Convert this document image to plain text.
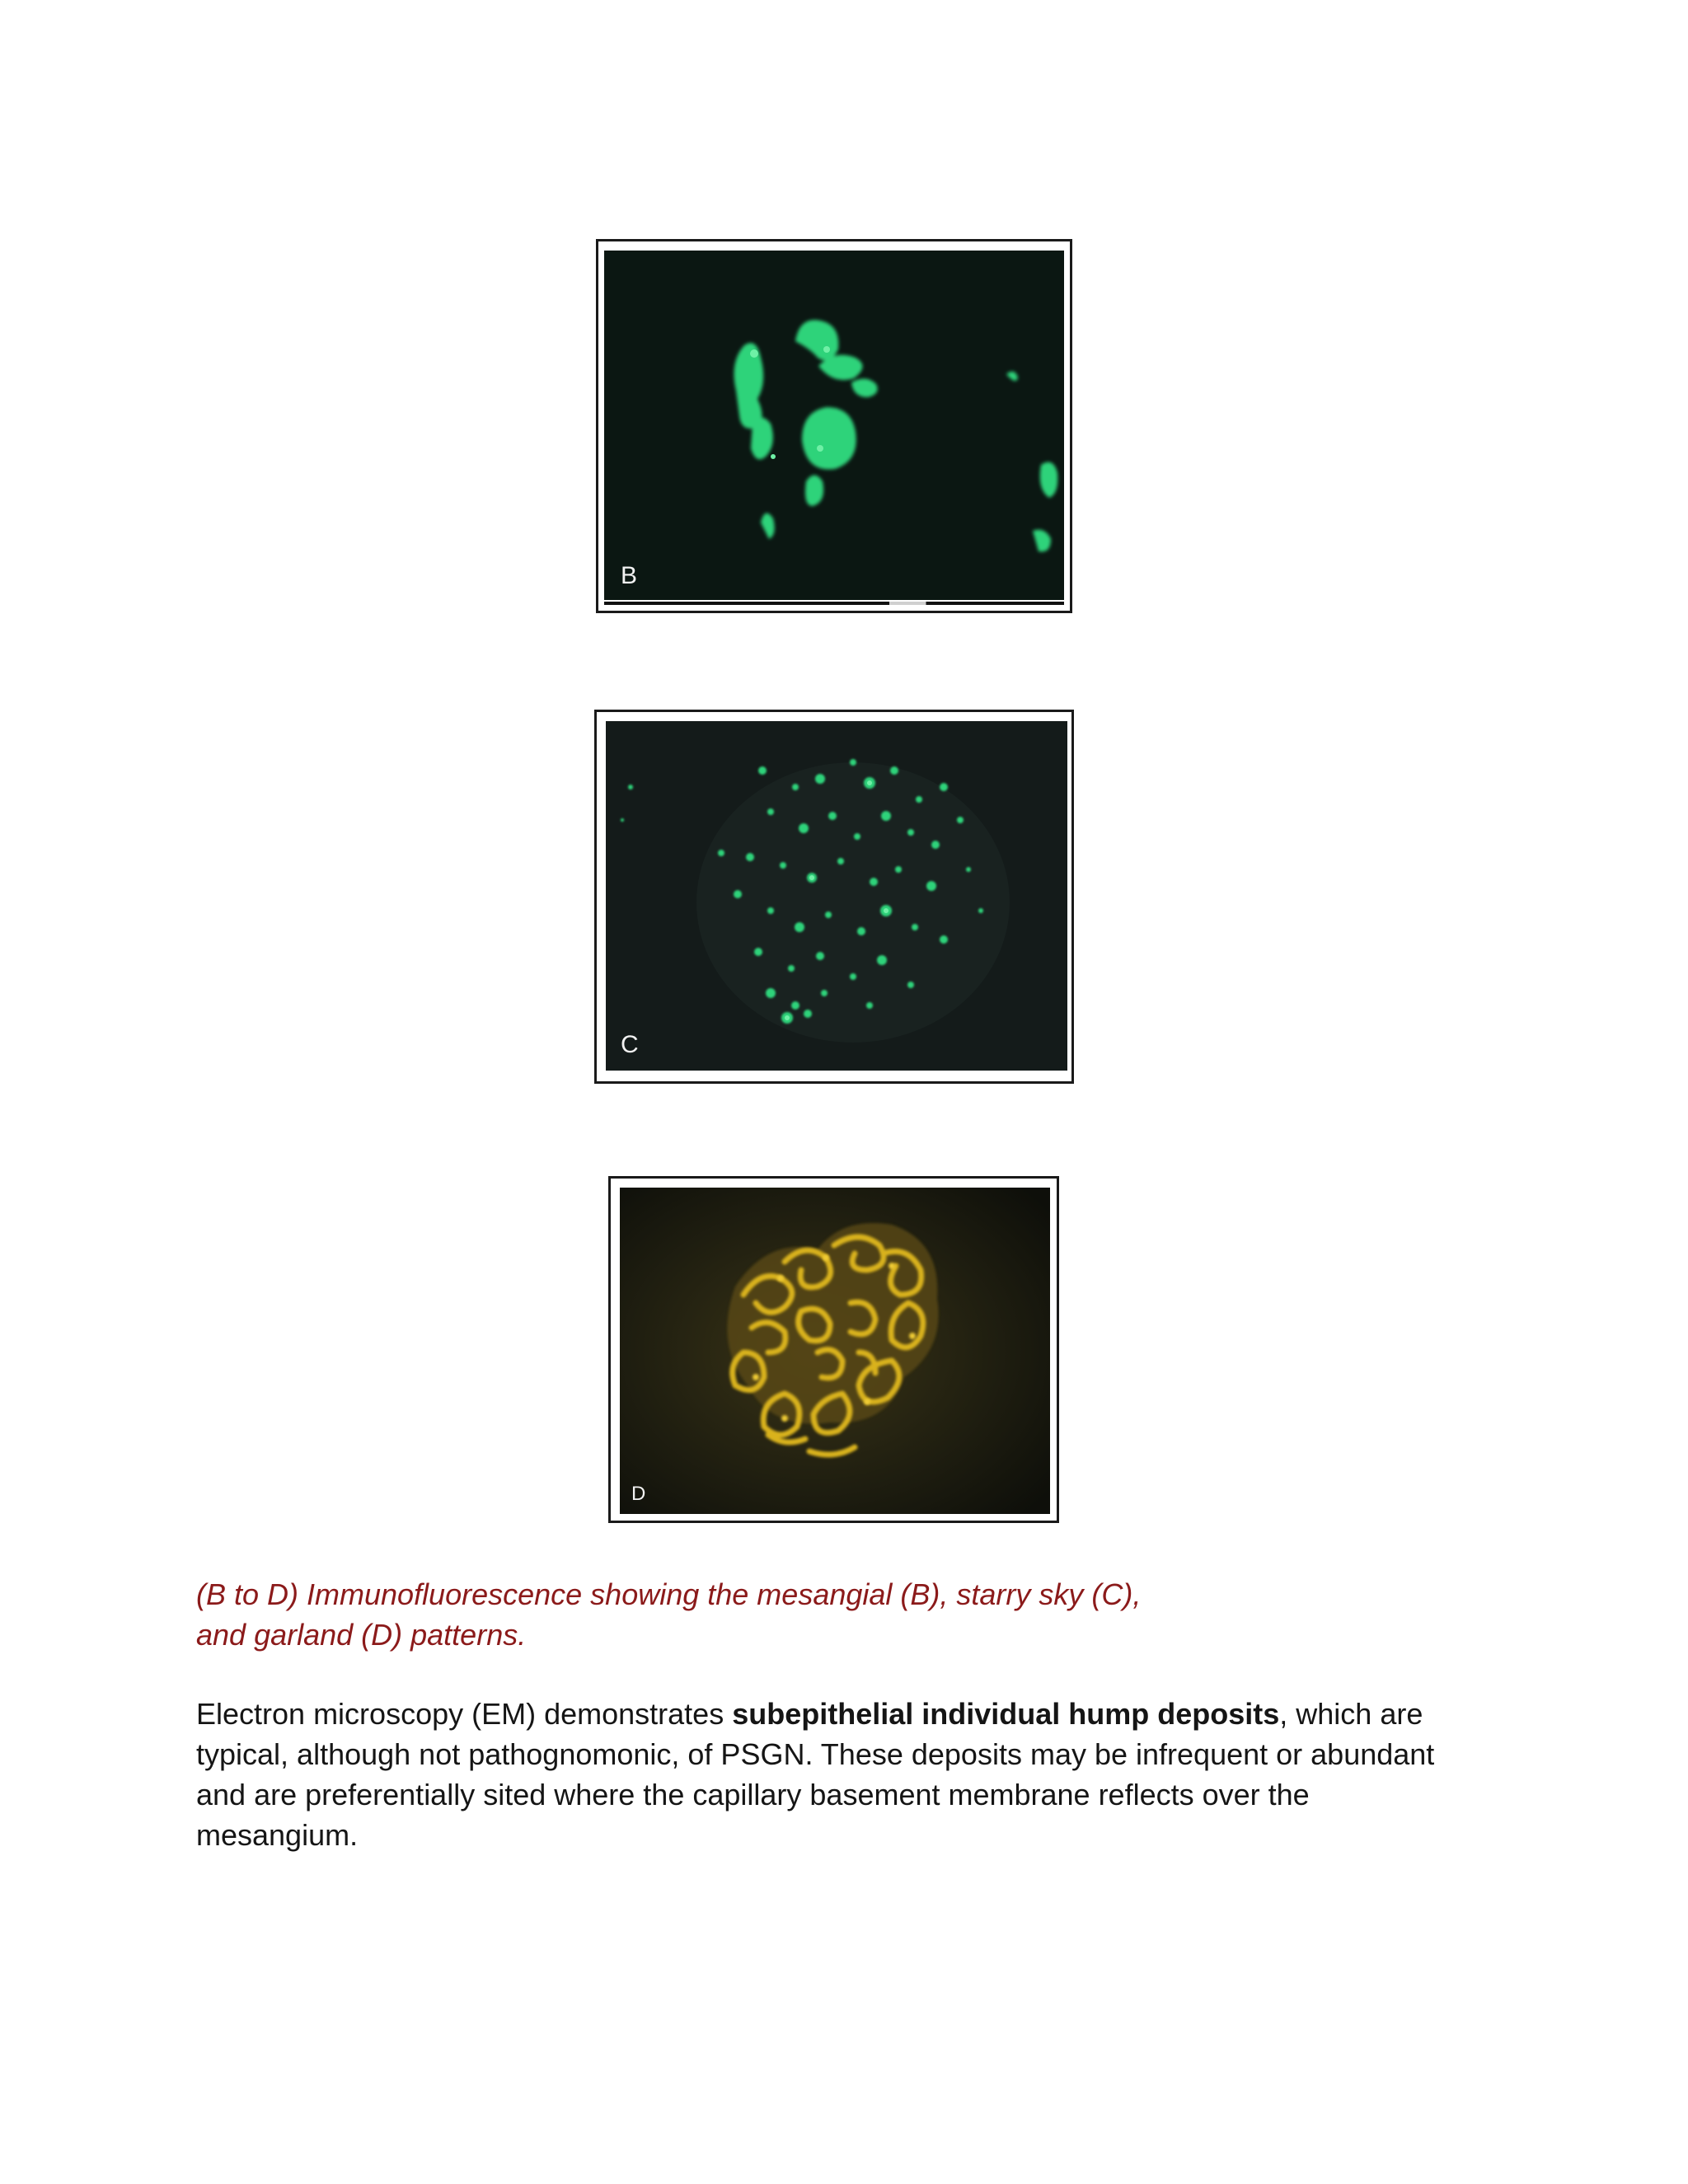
B
C
D

(B to D) Immunofluorescence showing the mesangial (B), starry sky (C),
and garland (D) patterns.

Electron microscopy (EM) demonstrates subepithelial individual hump deposits, which are
typical, although not pathognomonic, of PSGN. These deposits may be infrequent or abundant
and are preferentially sited where the capillary basement membrane reflects over the
mesangium.
